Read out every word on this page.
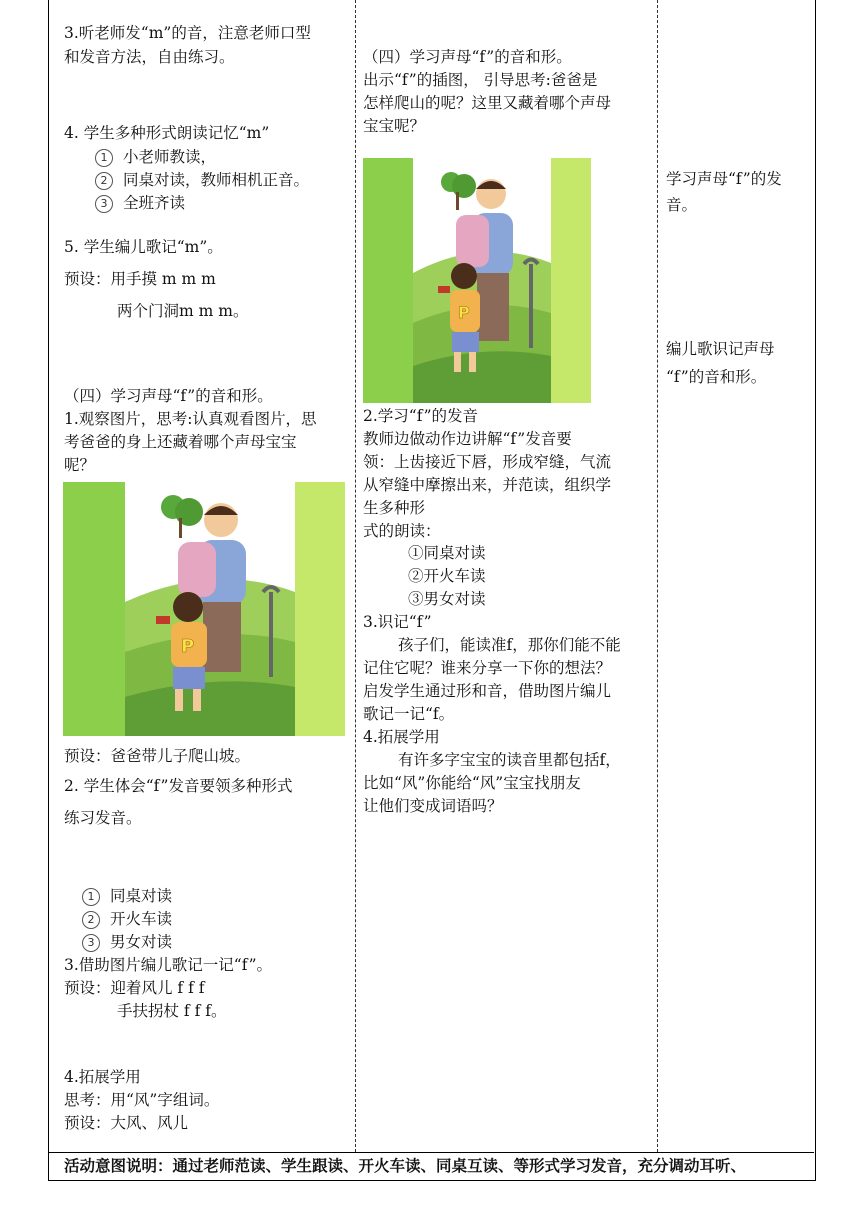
3.听老师发“m”的音，注意老师口型
和发音方法，自由练习。
4. 学生多种形式朗读记忆“m”
1 小老师教读，
2 同桌对读，教师相机正音。
3 全班齐读
5. 学生编儿歌记“m”。
预设：用手摸 m m m
两个门洞m m m。
（四）学习声母“f”的音和形。
1.观察图片，思考:认真观看图片，思
考爸爸的身上还藏着哪个声母宝宝
呢？
P
预设：爸爸带儿子爬山坡。
2. 学生体会“f”发音要领多种形式
练习发音。
1 同桌对读
2 开火车读
3 男女对读
3.借助图片编儿歌记一记“f”。
预设：迎着风儿 f f f
手扶拐杖 f f f。
4.拓展学用
思考：用“风”字组词。
预设：大风、风儿
（四）学习声母“f”的音和形。
出示“f”的插图， 引导思考:爸爸是
怎样爬山的呢？这里又藏着哪个声母
宝宝呢？
P
2.学习“f”的发音
教师边做动作边讲解“f”发音要
领：上齿接近下唇，形成窄缝，气流
从窄缝中摩擦出来，并范读，组织学
生多种形
式的朗读：
①同桌对读
②开火车读
③男女对读
3.识记“f”
孩子们，能读准f，那你们能不能
记住它呢？谁来分享一下你的想法？
启发学生通过形和音，借助图片编儿
歌记一记“f。
4.拓展学用
有许多字宝宝的读音里都包括f，
比如“风”你能给“风”宝宝找朋友
让他们变成词语吗？
学习声母“f”的发
音。
编儿歌识记声母
“f”的音和形。
活动意图说明：通过老师范读、学生跟读、开火车读、同桌互读、等形式学习发音，充分调动耳听、
